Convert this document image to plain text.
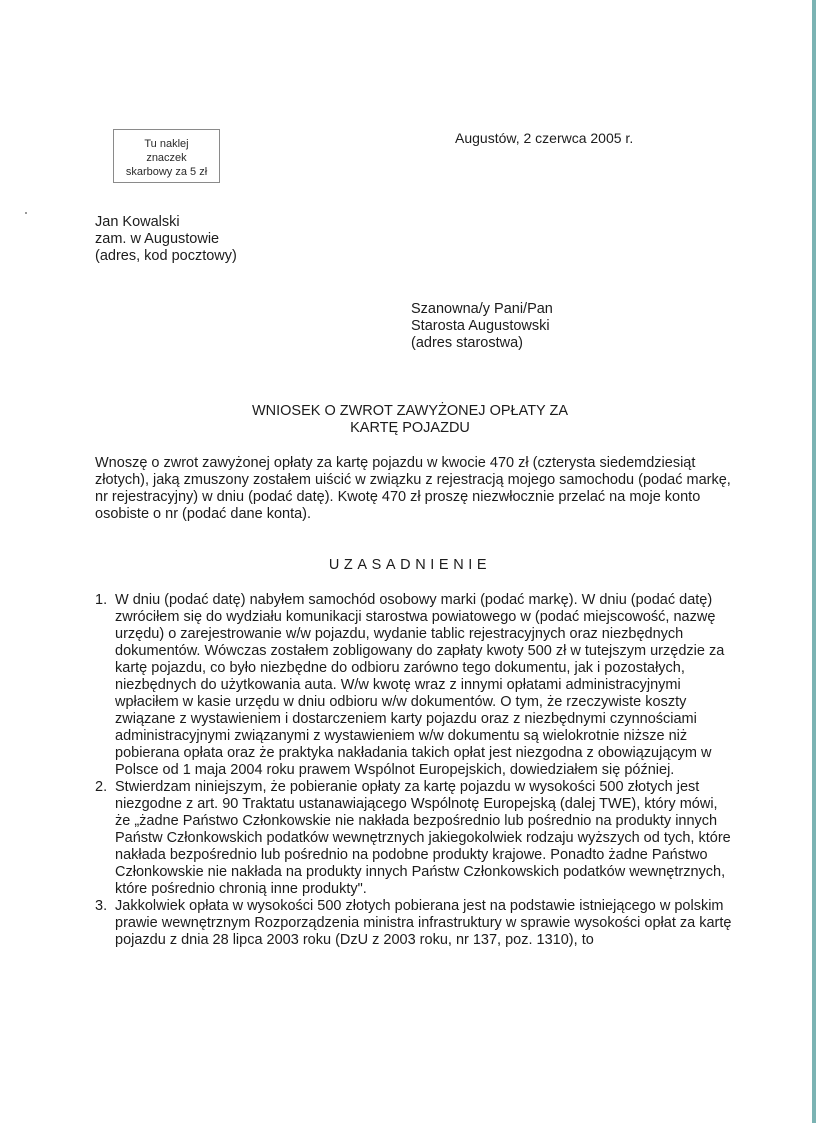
Tu naklej
znaczek
skarbowy za 5 zł
Augustów, 2 czerwca 2005 r.
Jan Kowalski
zam. w Augustowie
(adres, kod pocztowy)
Szanowna/y Pani/Pan
Starosta Augustowski
(adres starostwa)
WNIOSEK O ZWROT ZAWYŻONEJ OPŁATY ZA
KARTĘ POJAZDU

Wnoszę o zwrot zawyżonej opłaty za kartę pojazdu w kwocie 470 zł (czterysta siedemdziesiąt złotych), jaką zmuszony zostałem uiścić w związku z rejestracją mojego samochodu (podać markę, nr rejestracyjny) w dniu (podać datę). Kwotę 470 zł proszę niezwłocznie przelać na moje konto osobiste o nr (podać dane konta).

UZASADNIENIE
1. W dniu (podać datę) nabyłem samochód osobowy marki (podać markę). W dniu (podać datę) zwróciłem się do wydziału komunikacji starostwa powiatowego w (podać miejscowość, nazwę urzędu) o zarejestrowanie w/w pojazdu, wydanie tablic rejestracyjnych oraz niezbędnych dokumentów. Wówczas zostałem zobligowany do zapłaty kwoty 500 zł w tutejszym urzędzie za kartę pojazdu, co było niezbędne do odbioru zarówno tego dokumentu, jak i pozostałych, niezbędnych do użytkowania auta. W/w kwotę wraz z innymi opłatami administracyjnymi wpłaciłem w kasie urzędu w dniu odbioru w/w dokumentów. O tym, że rzeczywiste koszty związane z wystawieniem i dostarczeniem karty pojazdu oraz z niezbędnymi czynnościami administracyjnymi związanymi z wystawieniem w/w dokumentu są wielokrotnie niższe niż pobierana opłata oraz że praktyka nakładania takich opłat jest niezgodna z obowiązującym w Polsce od 1 maja 2004 roku prawem Wspólnot Europejskich, dowiedziałem się później.
2. Stwierdzam niniejszym, że pobieranie opłaty za kartę pojazdu w wysokości 500 złotych jest niezgodne z art. 90 Traktatu ustanawiającego Wspólnotę Europejską (dalej TWE), który mówi, że „żadne Państwo Członkowskie nie nakłada bezpośrednio lub pośrednio na produkty innych Państw Członkowskich podatków wewnętrznych jakiegokolwiek rodzaju wyższych od tych, które nakłada bezpośrednio lub pośrednio na podobne produkty krajowe. Ponadto żadne Państwo Członkowskie nie nakłada na produkty innych Państw Członkowskich podatków wewnętrznych, które pośrednio chronią inne produkty".
3. Jakkolwiek opłata w wysokości 500 złotych pobierana jest na podstawie istniejącego w polskim prawie wewnętrznym Rozporządzenia ministra infrastruktury w sprawie wysokości opłat za kartę pojazdu z dnia 28 lipca 2003 roku (DzU z 2003 roku, nr 137, poz. 1310), to
